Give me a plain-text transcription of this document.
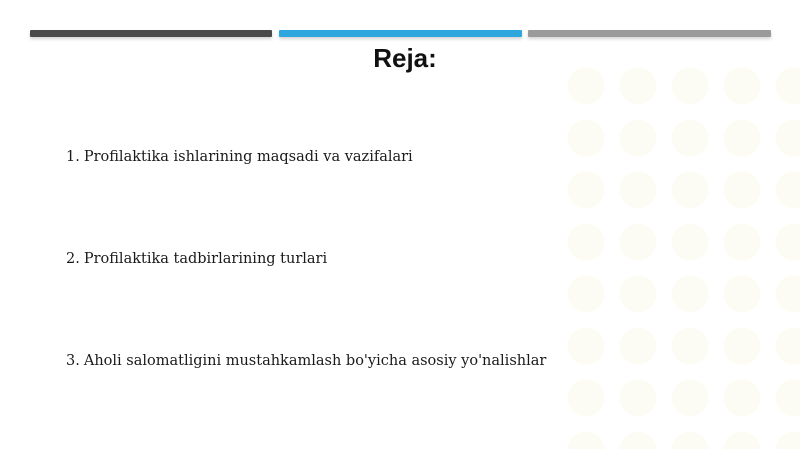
Reja:
1. Profilaktika ishlarining maqsadi va vazifalari
2. Profilaktika tadbirlarining turlari
3. Aholi salomatligini mustahkamlash bo'yicha asosiy yo'nalishlar
